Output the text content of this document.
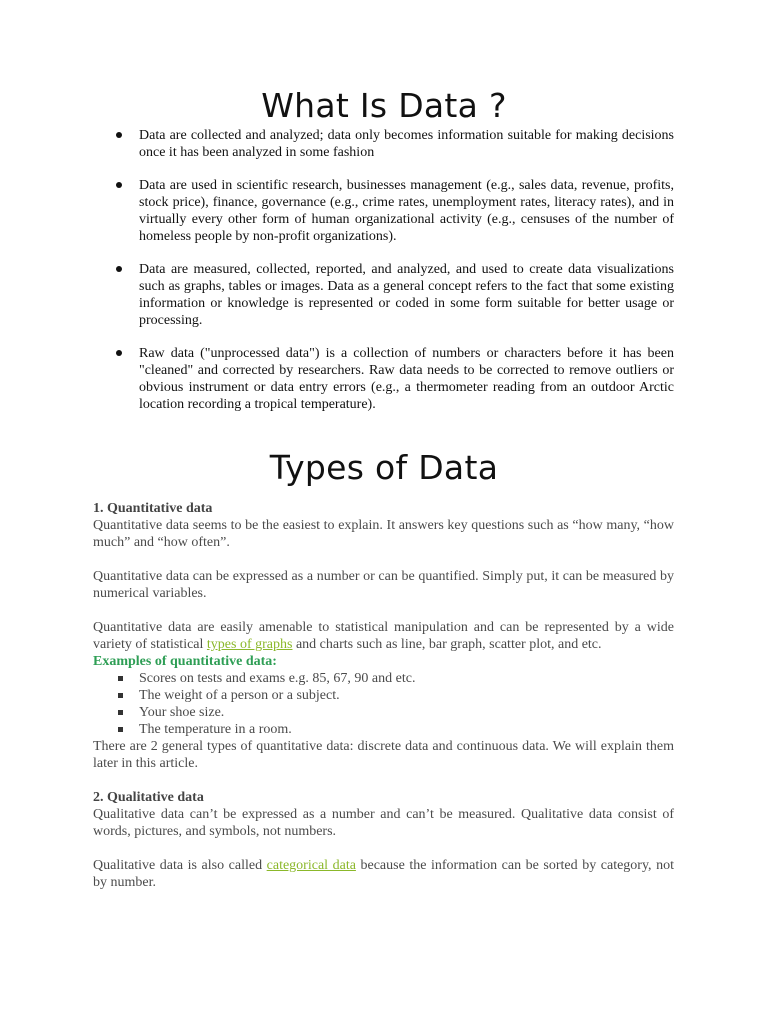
What Is Data ?
Data are collected and analyzed; data only becomes information suitable for making decisions once it has been analyzed in some fashion
Data are used in scientific research, businesses management (e.g., sales data, revenue, profits, stock price), finance, governance (e.g., crime rates, unemployment rates, literacy rates), and in virtually every other form of human organizational activity (e.g., censuses of the number of homeless people by non-profit organizations).
Data are measured, collected, reported, and analyzed, and used to create data visualizations such as graphs, tables or images. Data as a general concept refers to the fact that some existing information or knowledge is represented or coded in some form suitable for better usage or processing.
Raw data ("unprocessed data") is a collection of numbers or characters before it has been "cleaned" and corrected by researchers. Raw data needs to be corrected to remove outliers or obvious instrument or data entry errors (e.g., a thermometer reading from an outdoor Arctic location recording a tropical temperature).
Types of Data

1. Quantitative data

Quantitative data seems to be the easiest to explain. It answers key questions such as “how many, “how much” and “how often”.

Quantitative data can be expressed as a number or can be quantified. Simply put, it can be measured by numerical variables.

Quantitative data are easily amenable to statistical manipulation and can be represented by a wide variety of statistical types of graphs and charts such as line, bar graph, scatter plot, and etc.

Examples of quantitative data:

Scores on tests and exams e.g. 85, 67, 90 and etc.
The weight of a person or a subject.
Your shoe size.
The temperature in a room.

There are 2 general types of quantitative data: discrete data and continuous data. We will explain them later in this article.

2. Qualitative data

Qualitative data can’t be expressed as a number and can’t be measured. Qualitative data consist of words, pictures, and symbols, not numbers.

Qualitative data is also called categorical data because the information can be sorted by category, not by number.
